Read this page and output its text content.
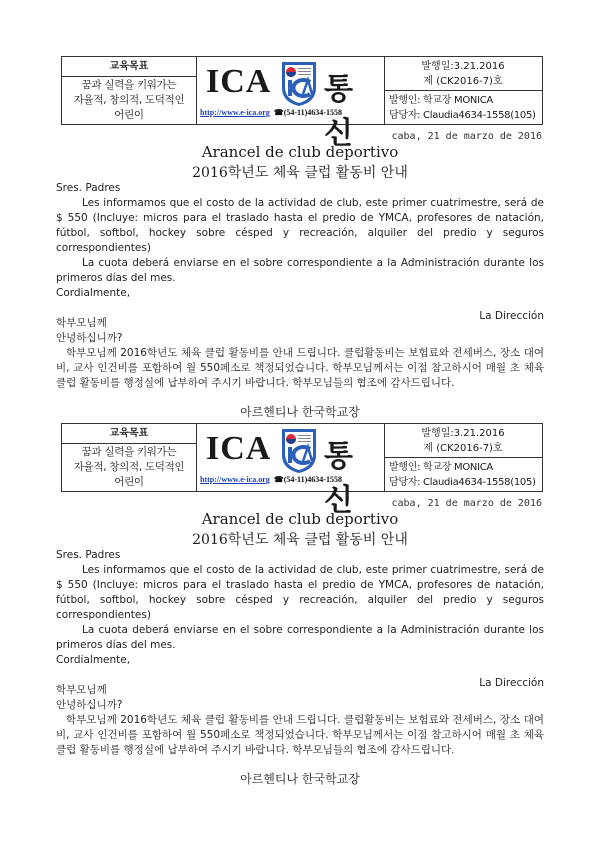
교육목표
꿈과 실력을 키워가는
자율적, 창의적, 도덕적인
어린이
ICA 통신
http://www.e-ica.org ☎(54-11)4634-1558
발행일:3.21.2016
제 (CK2016-7)호
발행인: 학교장 MONICA
담당자: Claudia4634-1558(105)
caba, 21 de marzo de 2016
Arancel de club deportivo
2016학년도 체육 클럽 활동비 안내

Sres. Padres

Les informamos que el costo de la actividad de club, este primer cuatrimestre, será de $ 550 (Incluye: micros para el traslado hasta el predio de YMCA, profesores de natación, fútbol, softbol, hockey sobre césped y recreación, alquiler del predio y seguros correspondientes)

La cuota deberá enviarse en el sobre correspondiente a la Administración durante los primeros días del mes.

Cordialmente,

La Dirección

학부모님께

안녕하십니까?

학부모님께 2016학년도 체육 클럽 활동비를 안내 드립니다. 클럽활동비는 보험료와 전세버스, 장소 대여비, 교사 인건비를 포함하여 월 550페소로 책정되었습니다. 학부모님께서는 이점 참고하시어 매월 초 체육 클럽 활동비를 행정실에 납부하여 주시기 바랍니다. 학부모님들의 협조에 감사드립니다.

아르헨티나 한국학교장
교육목표
꿈과 실력을 키워가는
자율적, 창의적, 도덕적인
어린이
ICA 통신
http://www.e-ica.org ☎(54-11)4634-1558
발행일:3.21.2016
제 (CK2016-7)호
발행인: 학교장 MONICA
담당자: Claudia4634-1558(105)
caba, 21 de marzo de 2016
Arancel de club deportivo
2016학년도 체육 클럽 활동비 안내

Sres. Padres

Les informamos que el costo de la actividad de club, este primer cuatrimestre, será de $ 550 (Incluye: micros para el traslado hasta el predio de YMCA, profesores de natación, fútbol, softbol, hockey sobre césped y recreación, alquiler del predio y seguros correspondientes)

La cuota deberá enviarse en el sobre correspondiente a la Administración durante los primeros días del mes.

Cordialmente,

La Dirección

학부모님께

안녕하십니까?

학부모님께 2016학년도 체육 클럽 활동비를 안내 드립니다. 클럽활동비는 보험료와 전세버스, 장소 대여비, 교사 인건비를 포함하여 월 550페소로 책정되었습니다. 학부모님께서는 이점 참고하시어 매월 초 체육 클럽 활동비를 행정실에 납부하여 주시기 바랍니다. 학부모님들의 협조에 감사드립니다.

아르헨티나 한국학교장
